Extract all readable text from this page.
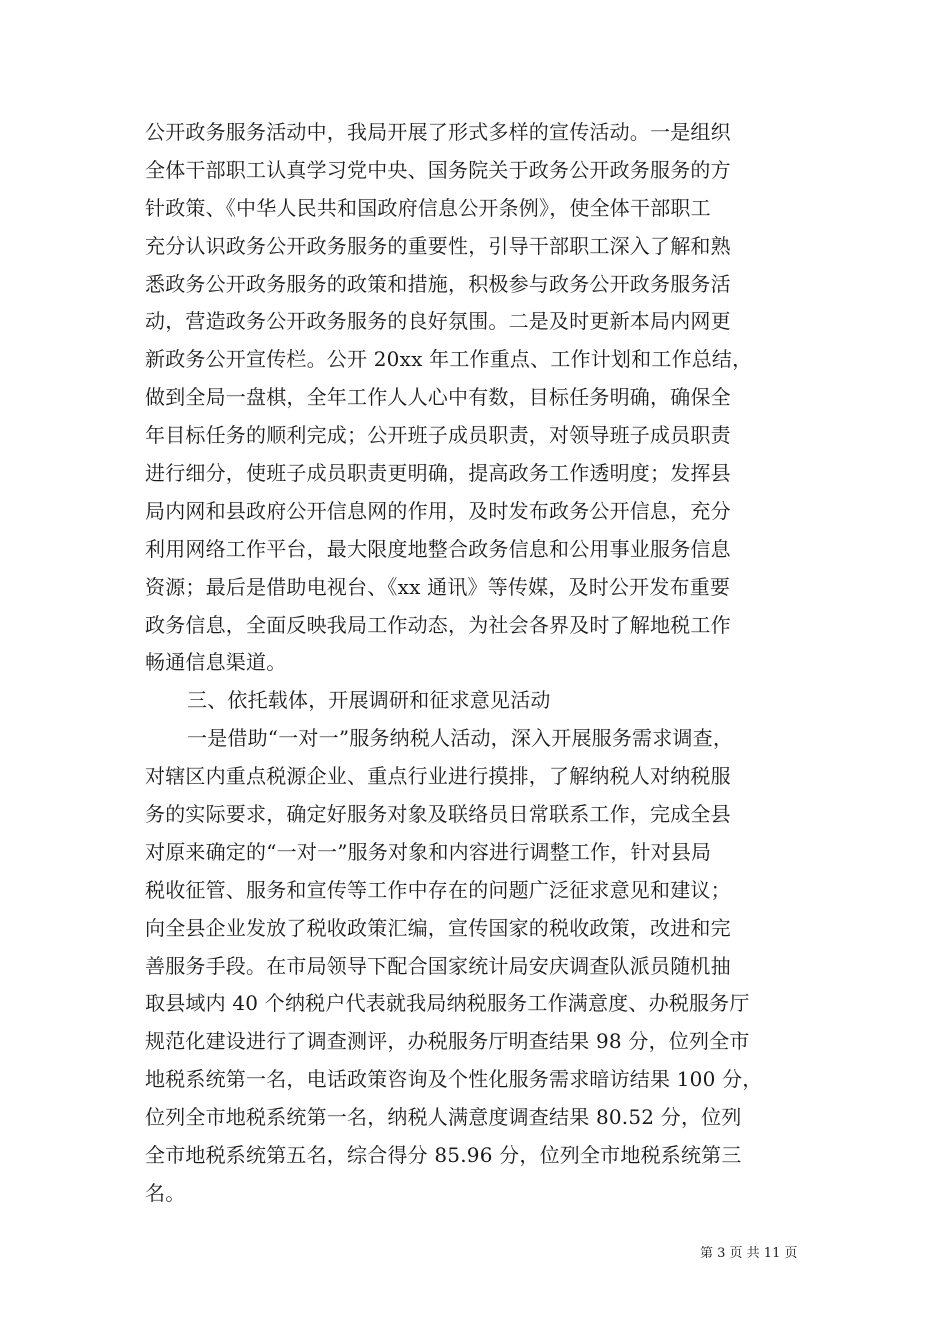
公开政务服务活动中，我局开展了形式多样的宣传活动。一是组织
全体干部职工认真学习党中央、国务院关于政务公开政务服务的方
针政策、《中华人民共和国政府信息公开条例》，使全体干部职工
充分认识政务公开政务服务的重要性，引导干部职工深入了解和熟
悉政务公开政务服务的政策和措施，积极参与政务公开政务服务活
动，营造政务公开政务服务的良好氛围。二是及时更新本局内网更
新政务公开宣传栏。公开 20xx 年工作重点、工作计划和工作总结，
做到全局一盘棋，全年工作人人心中有数，目标任务明确，确保全
年目标任务的顺利完成；公开班子成员职责，对领导班子成员职责
进行细分，使班子成员职责更明确，提高政务工作透明度；发挥县
局内网和县政府公开信息网的作用，及时发布政务公开信息，充分
利用网络工作平台，最大限度地整合政务信息和公用事业服务信息
资源；最后是借助电视台、《xx 通讯》等传媒，及时公开发布重要
政务信息，全面反映我局工作动态，为社会各界及时了解地税工作
畅通信息渠道。
三、依托载体，开展调研和征求意见活动
一是借助“一对一”服务纳税人活动，深入开展服务需求调查，
对辖区内重点税源企业、重点行业进行摸排，了解纳税人对纳税服
务的实际要求，确定好服务对象及联络员日常联系工作，完成全县
对原来确定的“一对一”服务对象和内容进行调整工作，针对县局
税收征管、服务和宣传等工作中存在的问题广泛征求意见和建议；
向全县企业发放了税收政策汇编，宣传国家的税收政策，改进和完
善服务手段。在市局领导下配合国家统计局安庆调查队派员随机抽
取县域内 40 个纳税户代表就我局纳税服务工作满意度、办税服务厅
规范化建设进行了调查测评，办税服务厅明查结果 98 分，位列全市
地税系统第一名，电话政策咨询及个性化服务需求暗访结果 100 分，
位列全市地税系统第一名，纳税人满意度调查结果 80.52 分，位列
全市地税系统第五名，综合得分 85.96 分，位列全市地税系统第三
名。
第 3 页 共 11 页
